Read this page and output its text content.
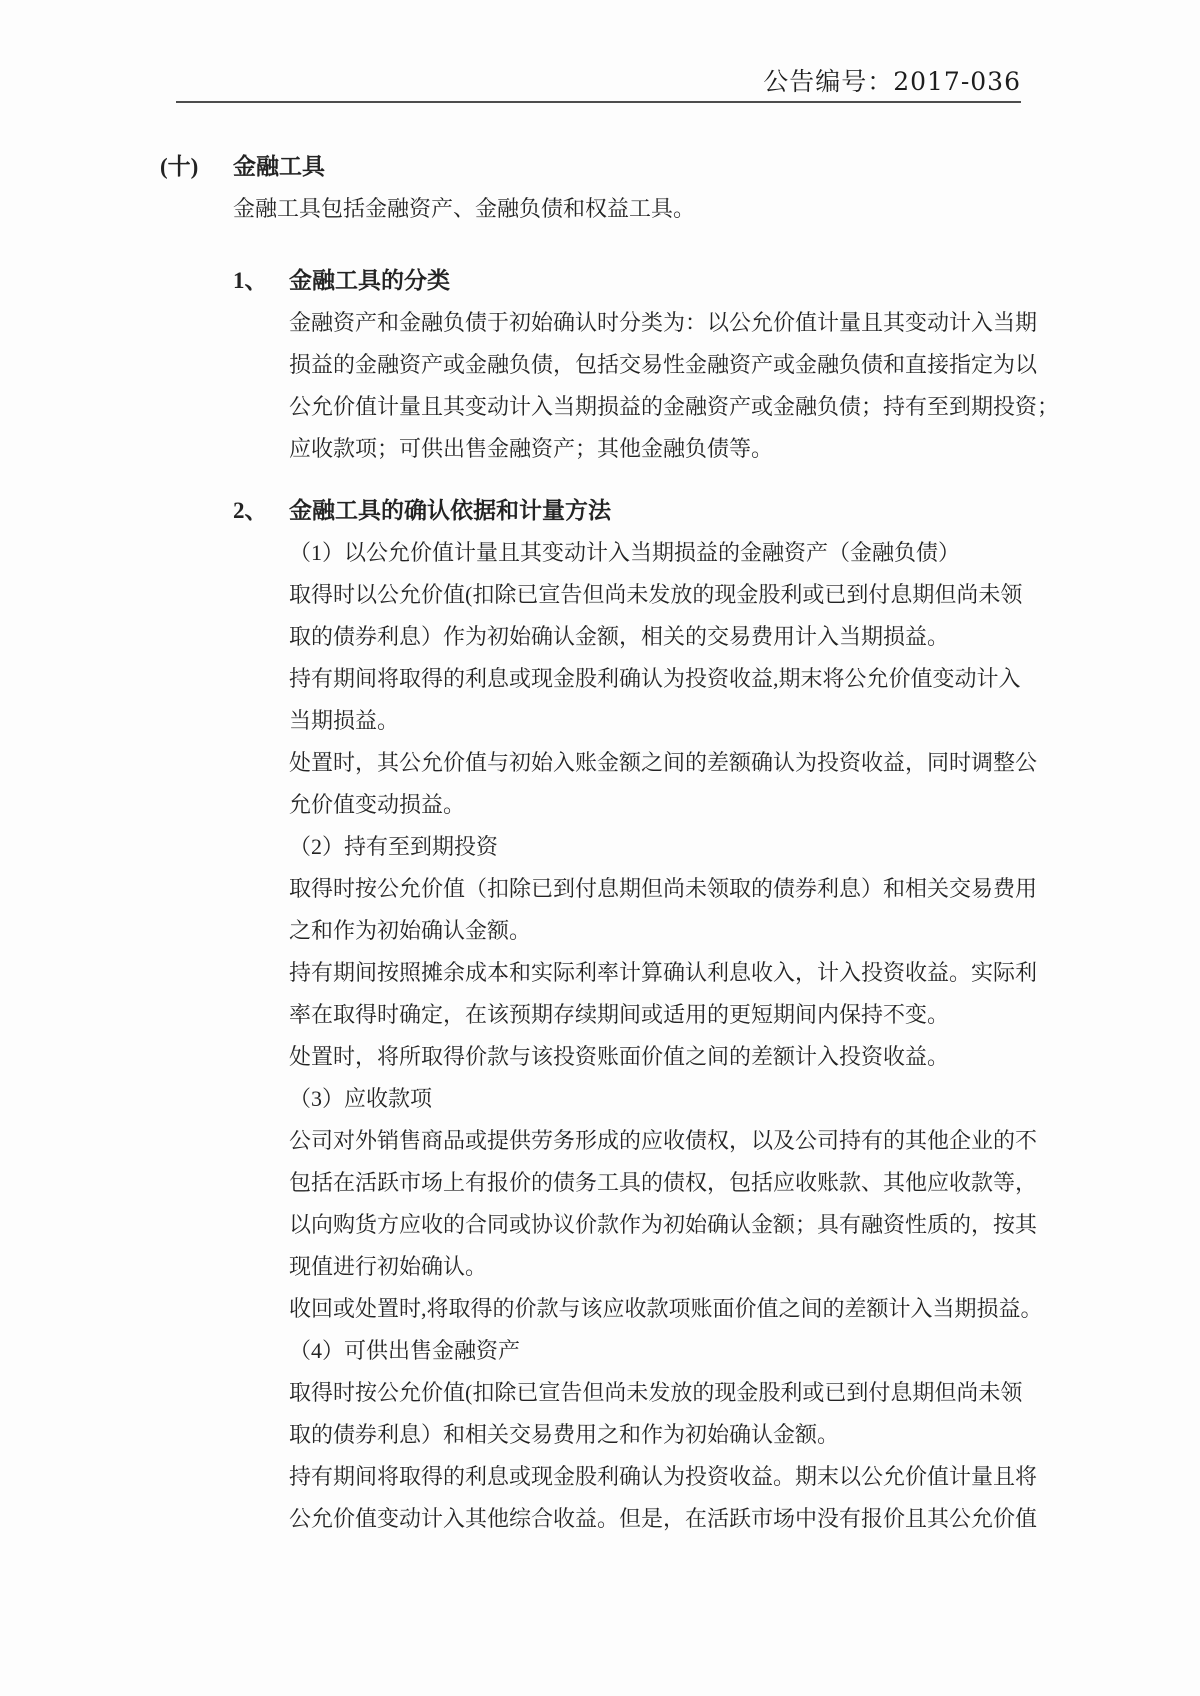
公告编号：2017-036
(十) 金融工具
金融工具包括金融资产、金融负债和权益工具。
1、 金融工具的分类
金融资产和金融负债于初始确认时分类为：以公允价值计量且其变动计入当期
损益的金融资产或金融负债，包括交易性金融资产或金融负债和直接指定为以
公允价值计量且其变动计入当期损益的金融资产或金融负债；持有至到期投资；
应收款项；可供出售金融资产；其他金融负债等。
2、 金融工具的确认依据和计量方法
（1）以公允价值计量且其变动计入当期损益的金融资产（金融负债）
取得时以公允价值(扣除已宣告但尚未发放的现金股利或已到付息期但尚未领
取的债券利息）作为初始确认金额，相关的交易费用计入当期损益。
持有期间将取得的利息或现金股利确认为投资收益,期末将公允价值变动计入
当期损益。
处置时，其公允价值与初始入账金额之间的差额确认为投资收益，同时调整公
允价值变动损益。
（2）持有至到期投资
取得时按公允价值（扣除已到付息期但尚未领取的债券利息）和相关交易费用
之和作为初始确认金额。
持有期间按照摊余成本和实际利率计算确认利息收入，计入投资收益。实际利
率在取得时确定，在该预期存续期间或适用的更短期间内保持不变。
处置时，将所取得价款与该投资账面价值之间的差额计入投资收益。
（3）应收款项
公司对外销售商品或提供劳务形成的应收债权，以及公司持有的其他企业的不
包括在活跃市场上有报价的债务工具的债权，包括应收账款、其他应收款等，
以向购货方应收的合同或协议价款作为初始确认金额；具有融资性质的，按其
现值进行初始确认。
收回或处置时,将取得的价款与该应收款项账面价值之间的差额计入当期损益。
（4）可供出售金融资产
取得时按公允价值(扣除已宣告但尚未发放的现金股利或已到付息期但尚未领
取的债券利息）和相关交易费用之和作为初始确认金额。
持有期间将取得的利息或现金股利确认为投资收益。期末以公允价值计量且将
公允价值变动计入其他综合收益。但是，在活跃市场中没有报价且其公允价值
